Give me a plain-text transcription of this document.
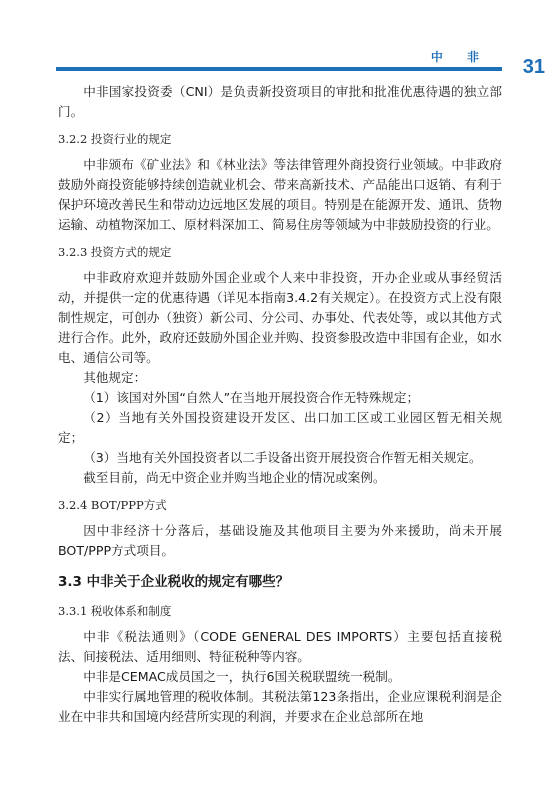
中 非 31

中非国家投资委（CNI）是负责新投资项目的审批和批准优惠待遇的独立部门。

3.2.2 投资行业的规定

中非颁布《矿业法》和《林业法》等法律管理外商投资行业领域。中非政府鼓励外商投资能够持续创造就业机会、带来高新技术、产品能出口返销、有利于保护环境改善民生和带动边远地区发展的项目。特别是在能源开发、通讯、货物运输、动植物深加工、原材料深加工、简易住房等领域为中非鼓励投资的行业。

3.2.3 投资方式的规定

中非政府欢迎并鼓励外国企业或个人来中非投资，开办企业或从事经贸活动，并提供一定的优惠待遇（详见本指南3.4.2有关规定）。在投资方式上没有限制性规定，可创办（独资）新公司、分公司、办事处、代表处等，或以其他方式进行合作。此外，政府还鼓励外国企业并购、投资参股改造中非国有企业，如水电、通信公司等。

其他规定：

（1）该国对外国“自然人”在当地开展投资合作无特殊规定；

（2）当地有关外国投资建设开发区、出口加工区或工业园区暂无相关规定；

（3）当地有关外国投资者以二手设备出资开展投资合作暂无相关规定。

截至目前，尚无中资企业并购当地企业的情况或案例。

3.2.4 BOT/PPP方式

因中非经济十分落后，基础设施及其他项目主要为外来援助，尚未开展BOT/PPP方式项目。

3.3 中非关于企业税收的规定有哪些？
3.3.1 税收体系和制度

中非《税法通则》（CODE GENERAL DES IMPORTS）主要包括直接税法、间接税法、适用细则、特征税种等内容。

中非是CEMAC成员国之一，执行6国关税联盟统一税制。

中非实行属地管理的税收体制。其税法第123条指出，企业应课税利润是企业在中非共和国境内经营所实现的利润，并要求在企业总部所在地
